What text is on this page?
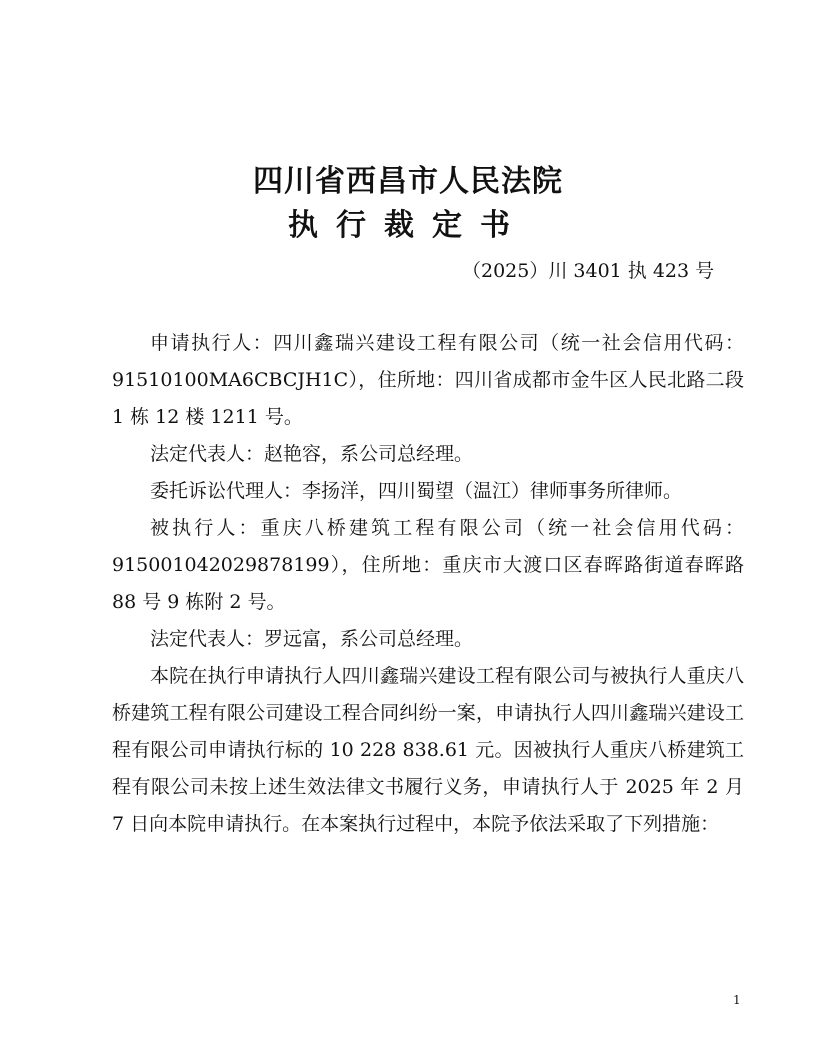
四川省西昌市人民法院
执行裁定书
（2025）川 3401 执 423 号

申请执行人：四川鑫瑞兴建设工程有限公司（统一社会信用代码：91510100MA6CBCJH1C），住所地：四川省成都市金牛区人民北路二段 1 栋 12 楼 1211 号。

法定代表人：赵艳容，系公司总经理。

委托诉讼代理人：李扬洋，四川蜀望（温江）律师事务所律师。

被执行人：重庆八桥建筑工程有限公司（统一社会信用代码：915001042029878199），住所地：重庆市大渡口区春晖路街道春晖路 88 号 9 栋附 2 号。

法定代表人：罗远富，系公司总经理。

本院在执行申请执行人四川鑫瑞兴建设工程有限公司与被执行人重庆八桥建筑工程有限公司建设工程合同纠纷一案，申请执行人四川鑫瑞兴建设工程有限公司申请执行标的 10 228 838.61 元。因被执行人重庆八桥建筑工程有限公司未按上述生效法律文书履行义务，申请执行人于 2025 年 2 月 7 日向本院申请执行。在本案执行过程中，本院予依法采取了下列措施：

1
